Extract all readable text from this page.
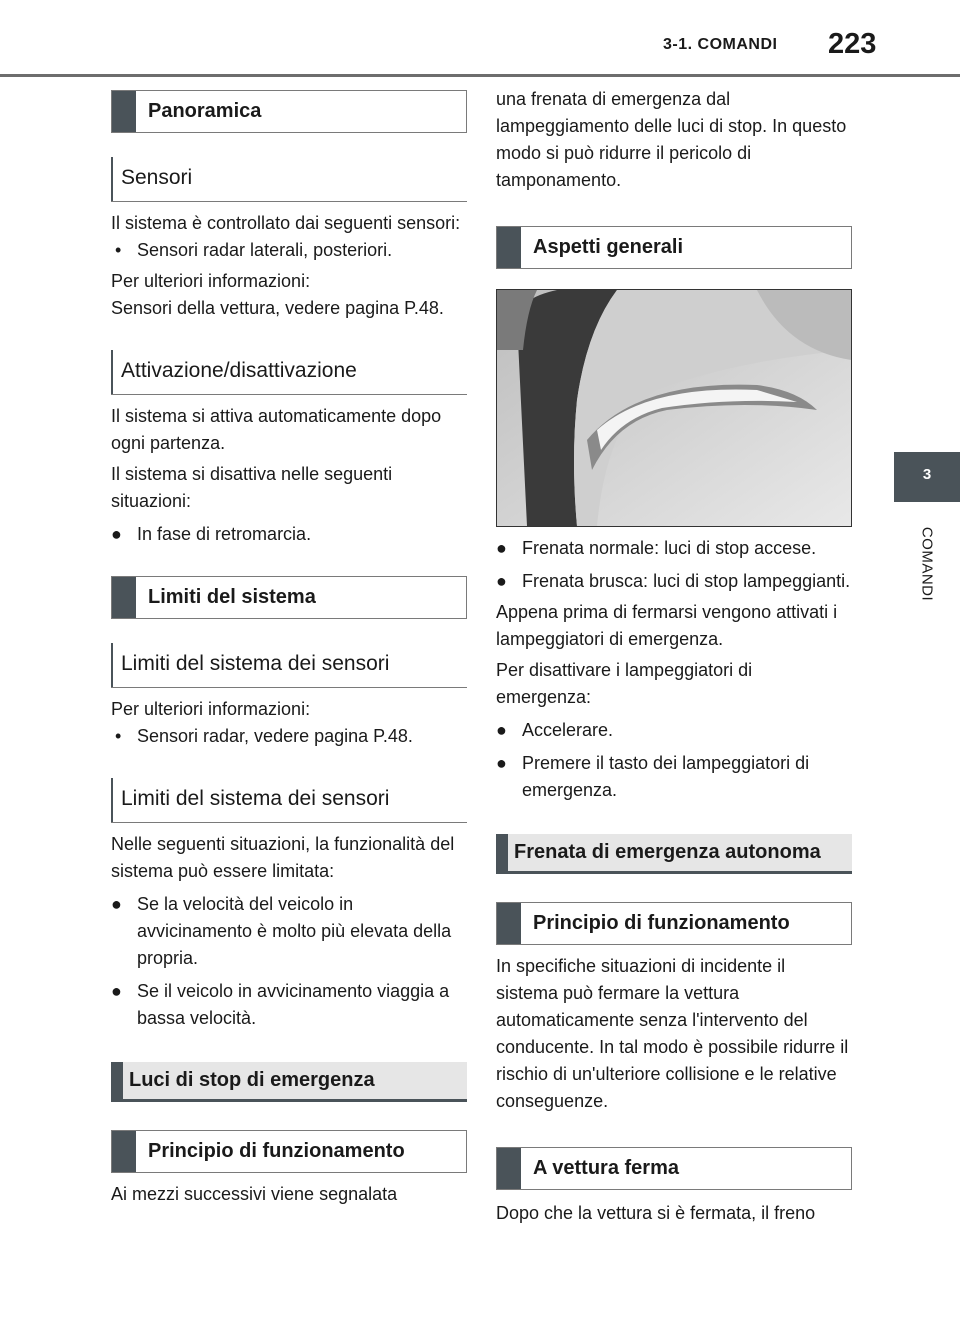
3-1. COMANDI 223
3
COMANDI
Panoramica
Sensori

Il sistema è controllato dai seguenti sensori:

• Sensori radar laterali, posteriori.

Per ulteriori informazioni:

Sensori della vettura, vedere pagina P.48.

Attivazione/disattivazione

Il sistema si attiva automaticamente dopo ogni partenza.

Il sistema si disattiva nelle seguenti situazioni:

● In fase di retromarcia.
Limiti del sistema
Limiti del sistema dei sensori

Per ulteriori informazioni:

• Sensori radar, vedere pagina P.48.
Limiti del sistema dei sensori

Nelle seguenti situazioni, la funzionalità del sistema può essere limitata:

● Se la velocità del veicolo in avvicinamento è molto più elevata della propria.
● Se il veicolo in avvicinamento viaggia a bassa velocità.
Luci di stop di emergenza
Principio di funzionamento

Ai mezzi successivi viene segnalata

una frenata di emergenza dal lampeggiamento delle luci di stop. In questo modo si può ridurre il pericolo di tamponamento.

Aspetti generali
● Frenata normale: luci di stop accese.
● Frenata brusca: luci di stop lampeggianti.

Appena prima di fermarsi vengono attivati i lampeggiatori di emergenza.

Per disattivare i lampeggiatori di emergenza:

● Accelerare.
● Premere il tasto dei lampeggiatori di emergenza.
Frenata di emergenza autonoma
Principio di funzionamento

In specifiche situazioni di incidente il sistema può fermare la vettura automaticamente senza l'intervento del conducente. In tal modo è possibile ridurre il rischio di un'ulteriore collisione e le relative conseguenze.

A vettura ferma

Dopo che la vettura si è fermata, il freno
